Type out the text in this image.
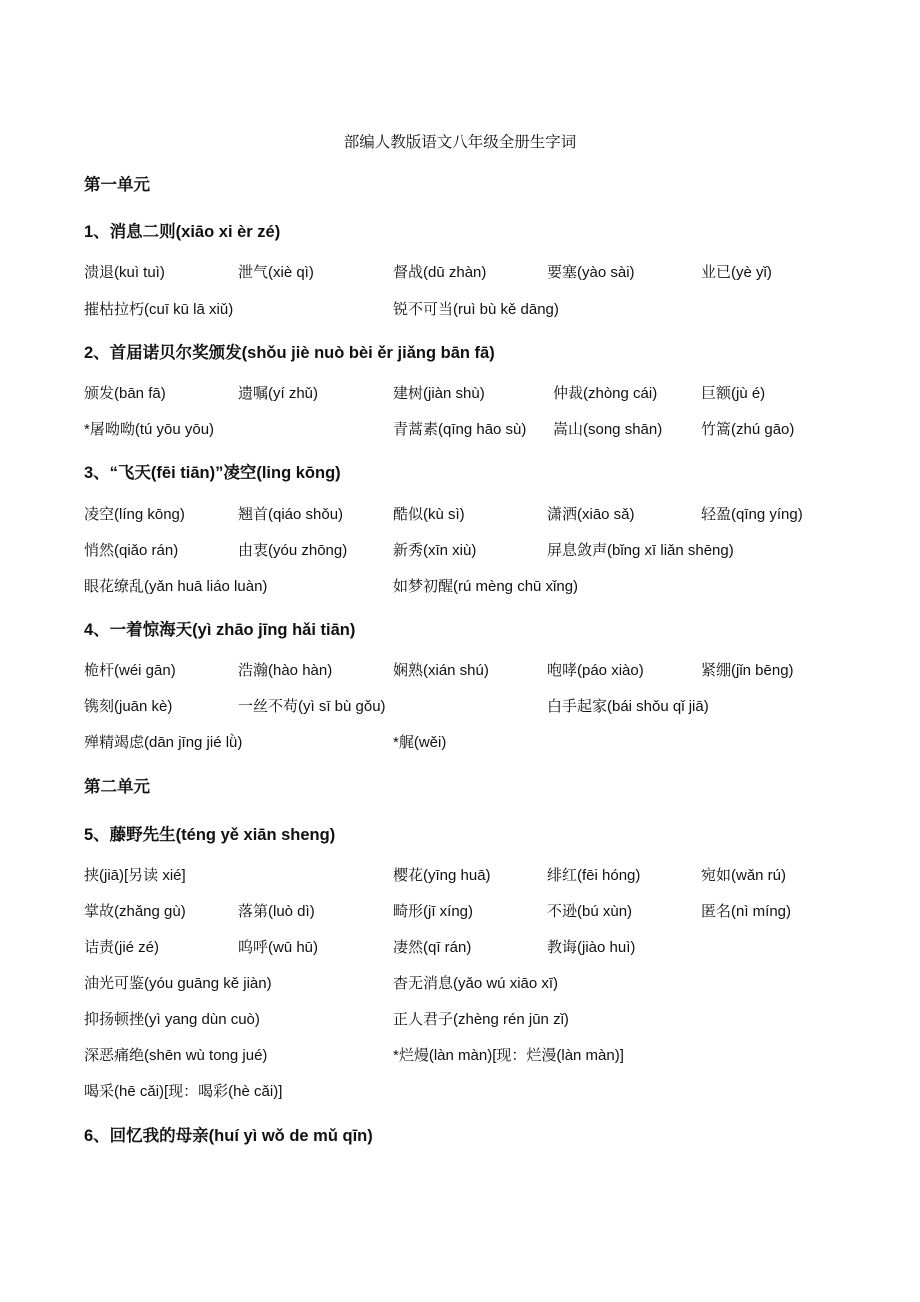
部编人教版语文八年级全册生字词
第一单元
1、消息二则(xiāo xi èr zé)
溃退(kuì tuì)	泄气(xiè qì)	督战(dū zhàn)	要塞(yào sài)	业已(yè yǐ)
摧枯拉朽(cuī kū lā xiǔ)	锐不可当(ruì bù kě dāng)
2、首届诺贝尔奖颁发(shǒu jiè nuò bèi ěr jiǎng bān fā)
颁发(bān fā)	遗嘱(yí zhǔ)	建树(jiàn shù)	仲裁(zhòng cái)	巨额(jù é)
*屠呦呦(tú yōu yōu)	青蒿素(qīng hāo sù) 嵩山(song shān)	竹篙(zhú gāo)
3、“飞天(fēi tiān)”凌空(ling kōng)
凌空(líng kōng)	翘首(qiáo shǒu)	酷似(kù sì)	潇洒(xiāo sǎ)	轻盈(qīng yíng)
悄然(qiǎo rán)	由衷(yóu zhōng)	新秀(xīn xiù)	屏息敛声(bǐng xī liǎn shēng)
眼花缭乱(yǎn huā liáo luàn)	如梦初醒(rú mèng chū xǐng)
4、一着惊海天(yì zhāo jīng hǎi tiān)
桅杆(wéi gān)	浩瀚(hào hàn)	娴熟(xián shú)	咆哮(páo xiào)	紧绷(jǐn bēng)
镌刻(juān kè)	一丝不苟(yì sī bù gǒu)	白手起家(bái shǒu qǐ jiā)
殚精竭虑(dān jīng jié lǜ)	*艉(wěi)
第二单元
5、藤野先生(téng yě xiān sheng)
挟(jiā)[另读 xié]	樱花(yīng huā)	绯红(fēi hóng)	宛如(wǎn rú)
掌故(zhǎng gù)	落第(luò dì)	畸形(jī xíng)	不逊(bú xùn)	匿名(nì míng)
诘责(jié zé)	呜呼(wū hū)	凄然(qī rán)	教诲(jiào huì)
油光可鉴(yóu guāng kě jiàn)	杳无消息(yǎo wú xiāo xī)
抑扬顿挫(yì yang dùn cuò)	正人君子(zhèng rén jūn zǐ)
深恶痛绝(shēn wù tong jué)	*烂熳(làn màn)[现：烂漫(làn màn)]
喝采(hē cǎi)[现：喝彩(hè cǎi)]
6、回忆我的母亲(huí yì wǒ de mǔ qīn)
